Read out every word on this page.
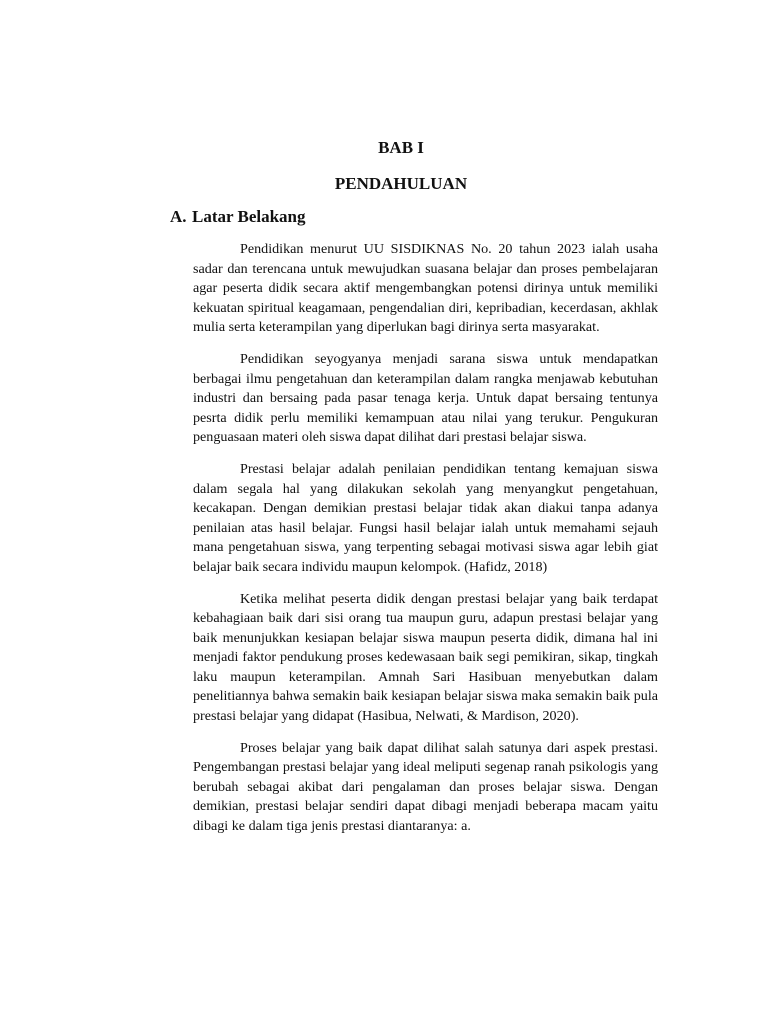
BAB I
PENDAHULUAN
A. Latar Belakang

Pendidikan menurut UU SISDIKNAS No. 20 tahun 2023 ialah usaha sadar dan terencana untuk mewujudkan suasana belajar dan proses pembelajaran agar peserta didik secara aktif mengembangkan potensi dirinya untuk memiliki kekuatan spiritual keagamaan, pengendalian diri, kepribadian, kecerdasan, akhlak mulia serta keterampilan yang diperlukan bagi dirinya serta masyarakat.

Pendidikan seyogyanya menjadi sarana siswa untuk mendapatkan berbagai ilmu pengetahuan dan keterampilan dalam rangka menjawab kebutuhan industri dan bersaing pada pasar tenaga kerja. Untuk dapat bersaing tentunya pesrta didik perlu memiliki kemampuan atau nilai yang terukur. Pengukuran penguasaan materi oleh siswa dapat dilihat dari prestasi belajar siswa.

Prestasi belajar adalah penilaian pendidikan tentang kemajuan siswa dalam segala hal yang dilakukan sekolah yang menyangkut pengetahuan, kecakapan. Dengan demikian prestasi belajar tidak akan diakui tanpa adanya penilaian atas hasil belajar. Fungsi hasil belajar ialah untuk memahami sejauh mana pengetahuan siswa, yang terpenting sebagai motivasi siswa agar lebih giat belajar baik secara individu maupun kelompok. (Hafidz, 2018)

Ketika melihat peserta didik dengan prestasi belajar yang baik terdapat kebahagiaan baik dari sisi orang tua maupun guru, adapun prestasi belajar yang baik menunjukkan kesiapan belajar siswa maupun peserta didik, dimana hal ini menjadi faktor pendukung proses kedewasaan baik segi pemikiran, sikap, tingkah laku maupun keterampilan. Amnah Sari Hasibuan menyebutkan dalam penelitiannya bahwa semakin baik kesiapan belajar siswa maka semakin baik pula prestasi belajar yang didapat (Hasibua, Nelwati, & Mardison, 2020).

Proses belajar yang baik dapat dilihat salah satunya dari aspek prestasi. Pengembangan prestasi belajar yang ideal meliputi segenap ranah psikologis yang berubah sebagai akibat dari pengalaman dan proses belajar siswa. Dengan demikian, prestasi belajar sendiri dapat dibagi menjadi beberapa macam yaitu dibagi ke dalam tiga jenis prestasi diantaranya: a.
